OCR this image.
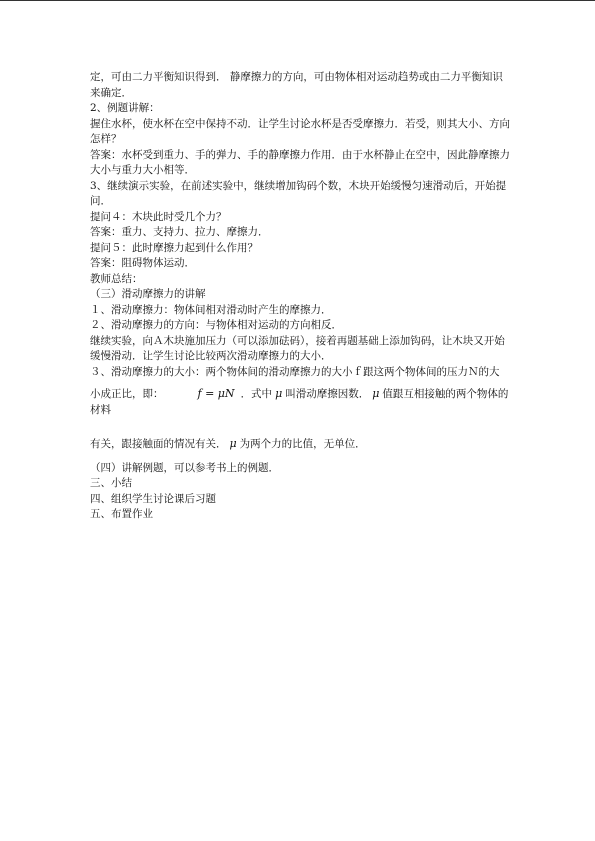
定，可由二力平衡知识得到． 静摩擦力的方向，可由物体相对运动趋势或由二力平衡知识来确定．
2、例题讲解：
握住水杯，使水杯在空中保持不动．让学生讨论水杯是否受摩擦力．若受，则其大小、方向怎样？
答案：水杯受到重力、手的弹力、手的静摩擦力作用．由于水杯静止在空中，因此静摩擦力大小与重力大小相等．
3、继续演示实验，在前述实验中，继续增加钩码个数，木块开始缓慢匀速滑动后，开始提问．
提问４：木块此时受几个力？
答案：重力、支持力、拉力、摩擦力．
提问５：此时摩擦力起到什么作用？
答案：阻碍物体运动．
教师总结：
（三）滑动摩擦力的讲解
１、滑动摩擦力：物体间相对滑动时产生的摩擦力．
２、滑动摩擦力的方向：与物体相对运动的方向相反．
继续实验，向Ａ木块施加压力（可以添加砝码），接着再题基础上添加钩码，让木块又开始缓慢滑动．让学生讨论比较两次滑动摩擦力的大小．
３、滑动摩擦力的大小：两个物体间的滑动摩擦力的大小ｆ跟这两个物体间的压力Ｎ的大
小成正比，即：	f = μN ．式中 μ 叫滑动摩擦因数． μ 值跟互相接触的两个物体的材料
有关，跟接触面的情况有关． μ 为两个力的比值，无单位．
（四）讲解例题，可以参考书上的例题．
三、小结
四、组织学生讨论课后习题
五、布置作业
